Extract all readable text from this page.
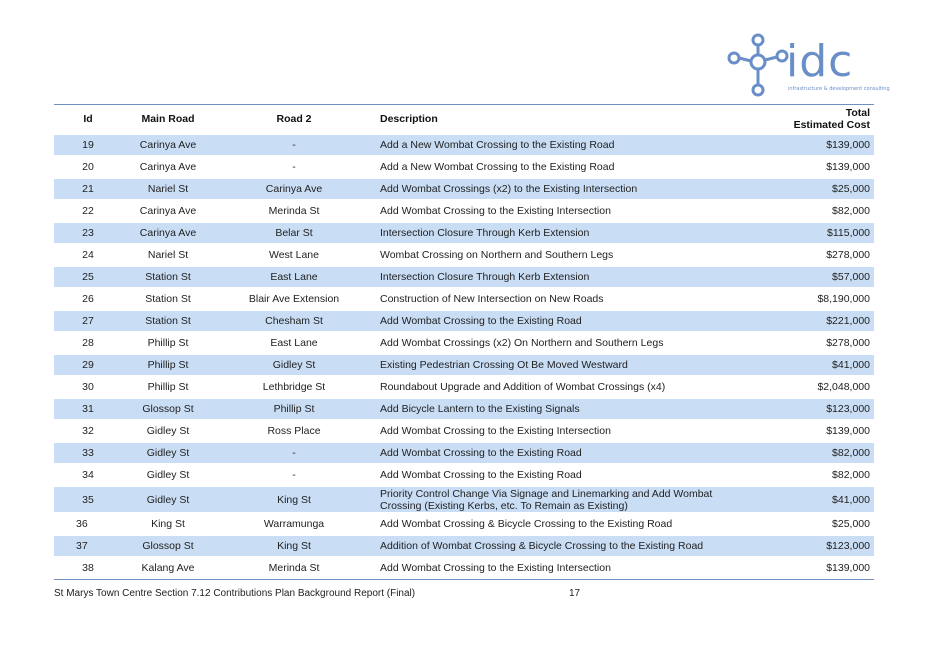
idc
infrastructure & development consulting
Id	Main Road	Road 2	Description	Total
Estimated Cost
19	Carinya Ave	-	Add a New Wombat Crossing to the Existing Road	$139,000
20	Carinya Ave	-	Add a New Wombat Crossing to the Existing Road	$139,000
21	Nariel St	Carinya Ave	Add Wombat Crossings (x2) to the Existing Intersection	$25,000
22	Carinya Ave	Merinda St	Add Wombat Crossing to the Existing Intersection	$82,000
23	Carinya Ave	Belar St	Intersection Closure Through Kerb Extension	$115,000
24	Nariel St	West Lane	Wombat Crossing on Northern and Southern Legs	$278,000
25	Station St	East Lane	Intersection Closure Through Kerb Extension	$57,000
26	Station St	Blair Ave Extension	Construction of New Intersection on New Roads	$8,190,000
27	Station St	Chesham St	Add Wombat Crossing to the Existing Road	$221,000
28	Phillip St	East Lane	Add Wombat Crossings (x2) On Northern and Southern Legs	$278,000
29	Phillip St	Gidley St	Existing Pedestrian Crossing Ot Be Moved Westward	$41,000
30	Phillip St	Lethbridge St	Roundabout Upgrade and Addition of Wombat Crossings (x4)	$2,048,000
31	Glossop St	Phillip St	Add Bicycle Lantern to the Existing Signals	$123,000
32	Gidley St	Ross Place	Add Wombat Crossing to the Existing Intersection	$139,000
33	Gidley St	-	Add Wombat Crossing to the Existing Road	$82,000
34	Gidley St	-	Add Wombat Crossing to the Existing Road	$82,000
35	Gidley St	King St	Priority Control Change Via Signage and Linemarking and Add Wombat Crossing (Existing Kerbs, etc. To Remain as Existing)	$41,000
36	King St	Warramunga	Add Wombat Crossing & Bicycle Crossing to the Existing Road	$25,000
37	Glossop St	King St	Addition of Wombat Crossing & Bicycle Crossing to the Existing Road	$123,000
38	Kalang Ave	Merinda St	Add Wombat Crossing to the Existing Intersection	$139,000
St Marys Town Centre Section 7.12 Contributions Plan Background Report (Final)	17
